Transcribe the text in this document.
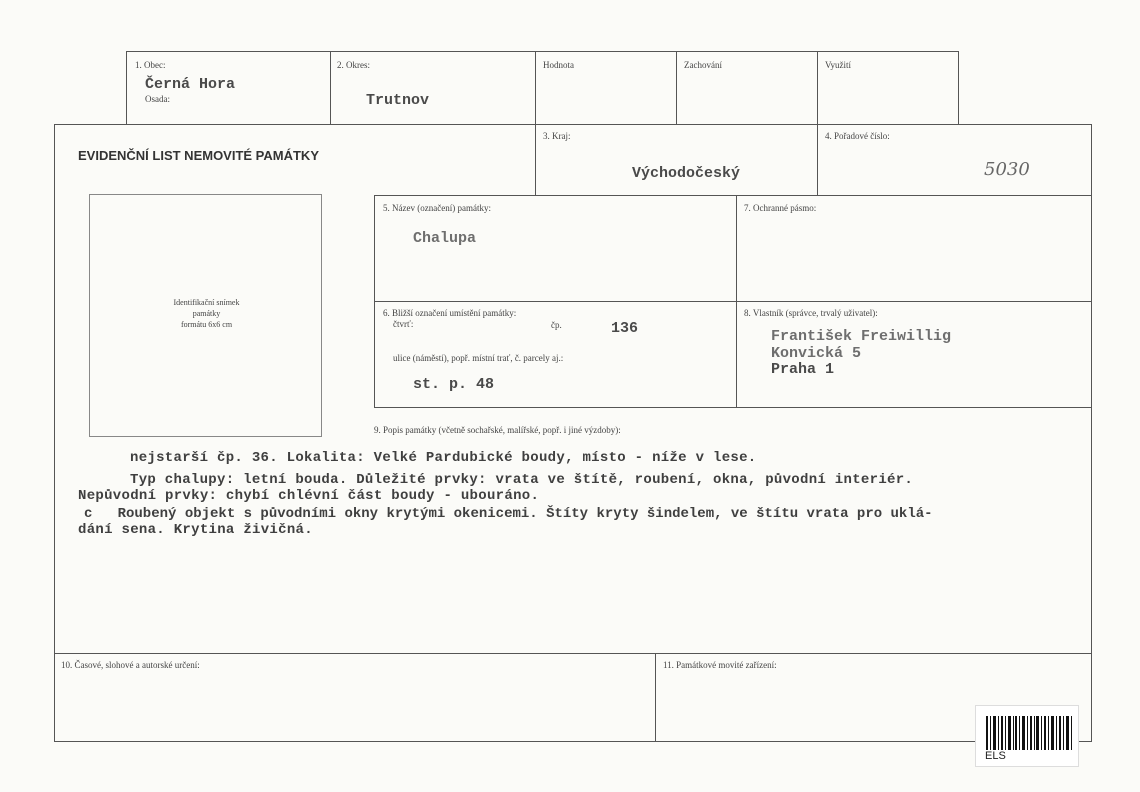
1. Obec:
Černá Hora
Osada:
2. Okres:
Trutnov
Hodnota	Zachování	Využití
EVIDENČNÍ LIST NEMOVITÉ PAMÁTKY
3. Kraj:
Východočeský
4. Pořadové číslo:
5030
Identifikační snímek
památky
formátu 6x6 cm
5. Název (označení) památky:
Chalupa
7. Ochranné pásmo:
6. Bližší označení umístění památky:
čtvrť:	čp.	136
ulice (náměstí), popř. místní trať, č. parcely aj.:
st. p. 48
8. Vlastník (správce, trvalý uživatel):
František Freiwillig
Konvická 5
Praha 1
9. Popis památky (včetně sochařské, malířské, popř. i jiné výzdoby):
nejstarší čp. 36. Lokalita: Velké Pardubické boudy, místo - níže v lese.
Typ chalupy: letní bouda. Důležité prvky: vrata ve štítě, roubení, okna, původní interiér.
Nepůvodní prvky: chybí chlévní část boudy - ubouráno.
c   Roubený objekt s původními okny krytými okenicemi. Štíty kryty šindelem, ve štítu vrata pro uklá-
dání sena. Krytina živičná.
10. Časové, slohové a autorské určení:	11. Památkové movité zařízení:
ELS
